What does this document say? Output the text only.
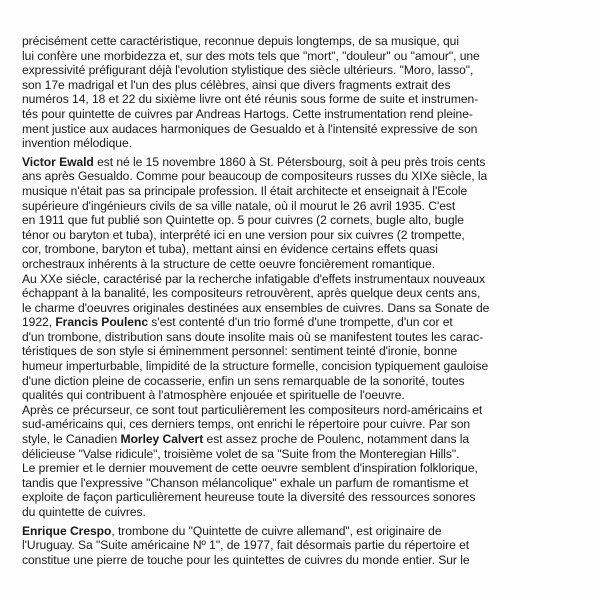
précisément cette caractéristique, reconnue depuis longtemps, de sa musique, qui
lui confère une morbidezza et, sur des mots tels que "mort", "douleur" ou "amour", une
expressivité préfigurant déjà l'evolution stylistique des siècle ultérieurs. "Moro, lasso",
son 17e madrigal et l'un des plus célèbres, ainsi que divers fragments extrait des
numéros 14, 18 et 22 du sixième livre ont été réunis sous forme de suite et instrumen-
tés pour quintette de cuivres par Andreas Hartogs. Cette instrumentation rend pleine-
ment justice aux audaces harmoniques de Gesualdo et à l'intensité expressive de son
invention mélodique.
Victor Ewald est né le 15 novembre 1860 à St. Pétersbourg, soit à peu près trois cents
ans après Gesualdo. Comme pour beaucoup de compositeurs russes du XIXe siècle, la
musique n'était pas sa principale profession. Il était architecte et enseignait à l'Ecole
supérieure d'ingénieurs civils de sa ville natale, où il mourut le 26 avril 1935. C'est
en 1911 que fut publié son Quintette op. 5 pour cuivres (2 cornets, bugle alto, bugle
ténor ou baryton et tuba), interprété ici en une version pour six cuivres (2 trompette,
cor, trombone, baryton et tuba), mettant ainsi en évidence certains effets quasi
orchestraux inhérents à la structure de cette oeuvre foncièrement romantique.
Au XXe siécle, caractérisé par la recherche infatigable d'effets instrumentaux nouveaux
échappant à la banalité, les compositeurs retrouvèrent, après quelque deux cents ans,
le charme d'oeuvres originales destinées aux ensembles de cuivres. Dans sa Sonate de
1922, Francis Poulenc s'est contenté d'un trio formé d'une trompette, d'un cor et
d'un trombone, distribution sans doute insolite mais où se manifestent toutes les carac-
téristiques de son style si éminemment personnel: sentiment teinté d'ironie, bonne
humeur imperturbable, limpidité de la structure formelle, concision typiquement gauloise
d'une diction pleine de cocasserie, enfin un sens remarquable de la sonorité, toutes
qualités qui contribuent à l'atmosphère enjouée et spirituelle de l'oeuvre.
Après ce précurseur, ce sont tout particulièrement les compositeurs nord-américains et
sud-américains qui, ces derniers temps, ont enrichi le répertoire pour cuivre. Par son
style, le Canadien Morley Calvert est assez proche de Poulenc, notamment dans la
délicieuse "Valse ridicule", troisième volet de sa "Suite from the Monteregian Hills".
Le premier et le dernier mouvement de cette oeuvre semblent d'inspiration folklorique,
tandis que l'expressive "Chanson mélancolique" exhale un parfum de romantisme et
exploite de façon particulièrement heureuse toute la diversité des ressources sonores
du quintette de cuivres.
Enrique Crespo, trombone du "Quintette de cuivre allemand", est originaire de
l'Uruguay. Sa "Suite américaine Nº 1", de 1977, fait désormais partie du répertoire et
constitue une pierre de touche pour les quintettes de cuivres du monde entier. Sur le
